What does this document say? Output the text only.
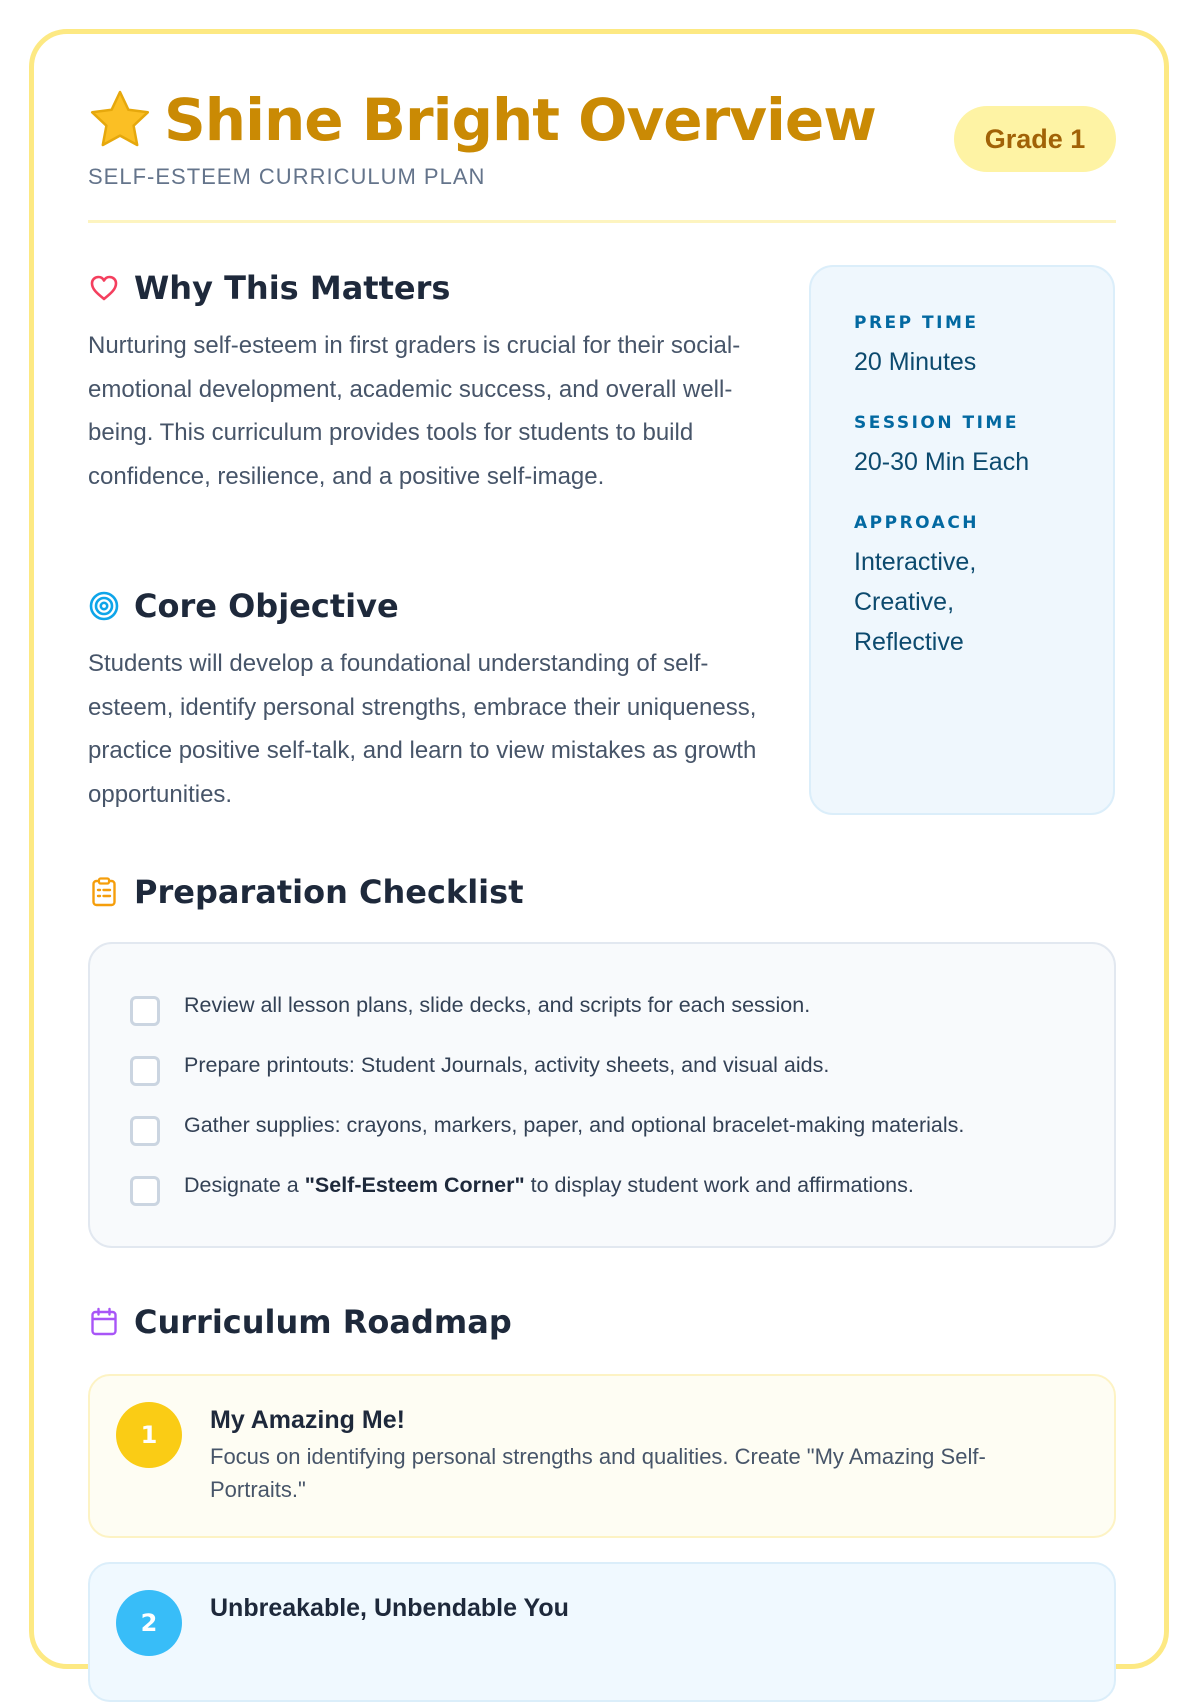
Shine Bright Overview
SELF-ESTEEM CURRICULUM PLAN
Grade 1
Why This Matters
Nurturing self-esteem in first graders is crucial for their social-emotional development, academic success, and overall well-being. This curriculum provides tools for students to build confidence, resilience, and a positive self-image.
Core Objective
Students will develop a foundational understanding of self-esteem, identify personal strengths, embrace their uniqueness, practice positive self-talk, and learn to view mistakes as growth opportunities.
PREP TIME
20 Minutes
SESSION TIME
20-30 Min Each
APPROACH
Interactive, Creative, Reflective
Preparation Checklist
Review all lesson plans, slide decks, and scripts for each session.
Prepare printouts: Student Journals, activity sheets, and visual aids.
Gather supplies: crayons, markers, paper, and optional bracelet-making materials.
Designate a "Self-Esteem Corner" to display student work and affirmations.
Curriculum Roadmap
1
My Amazing Me!
Focus on identifying personal strengths and qualities. Create "My Amazing Self-Portraits."
2
Unbreakable, Unbendable You
